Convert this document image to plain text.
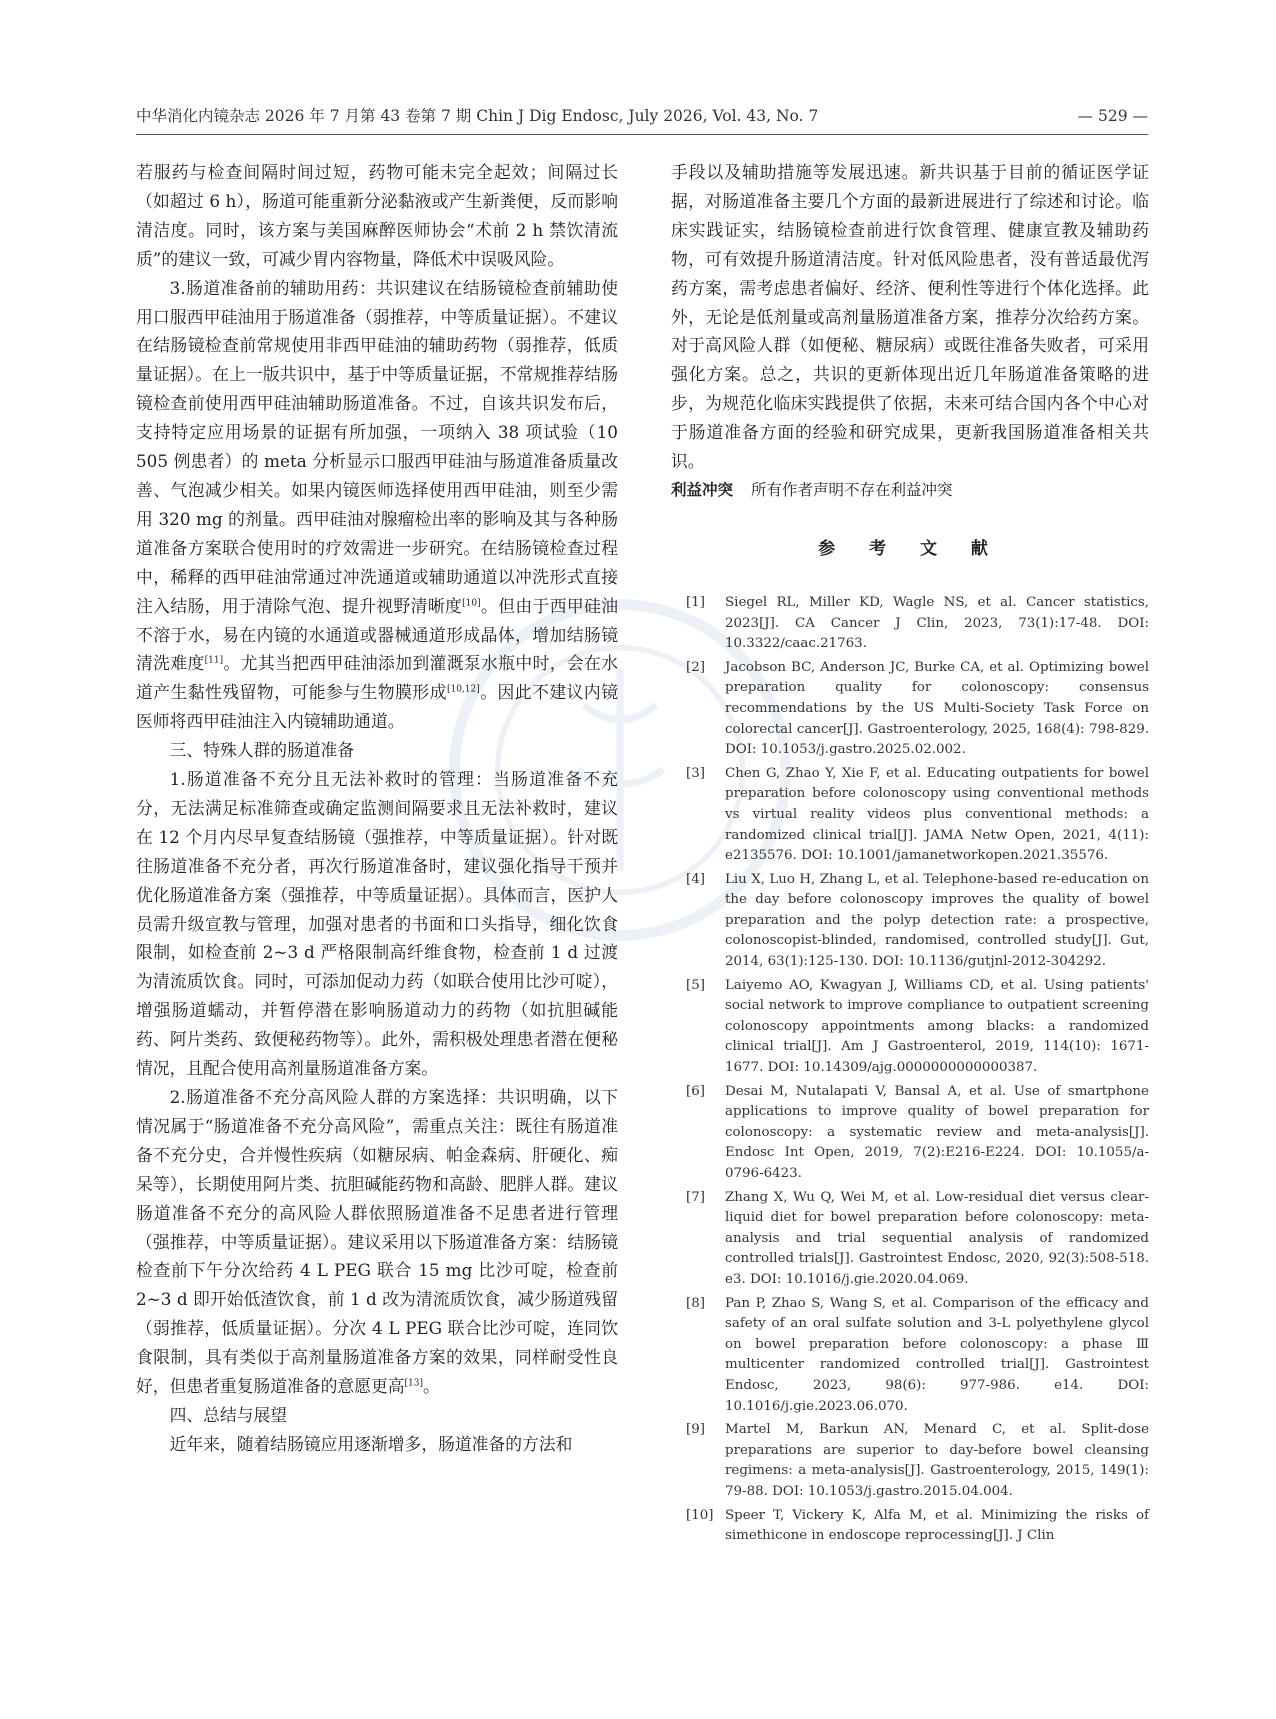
中华消化内镜杂志 2026 年 7 月第 43 卷第 7 期 Chin J Dig Endosc, July 2026, Vol. 43, No. 7	— 529 —

若服药与检查间隔时间过短，药物可能未完全起效；间隔过长（如超过 6 h），肠道可能重新分泌黏液或产生新粪便，反而影响清洁度。同时，该方案与美国麻醉医师协会“术前 2 h 禁饮清流质”的建议一致，可减少胃内容物量，降低术中误吸风险。

3.肠道准备前的辅助用药：共识建议在结肠镜检查前辅助使用口服西甲硅油用于肠道准备（弱推荐，中等质量证据）。不建议在结肠镜检查前常规使用非西甲硅油的辅助药物（弱推荐，低质量证据）。在上一版共识中，基于中等质量证据，不常规推荐结肠镜检查前使用西甲硅油辅助肠道准备。不过，自该共识发布后，支持特定应用场景的证据有所加强，一项纳入 38 项试验（10 505 例患者）的 meta 分析显示口服西甲硅油与肠道准备质量改善、气泡减少相关。如果内镜医师选择使用西甲硅油，则至少需用 320 mg 的剂量。西甲硅油对腺瘤检出率的影响及其与各种肠道准备方案联合使用时的疗效需进一步研究。在结肠镜检查过程中，稀释的西甲硅油常通过冲洗通道或辅助通道以冲洗形式直接注入结肠，用于清除气泡、提升视野清晰度[10]。但由于西甲硅油不溶于水，易在内镜的水通道或器械通道形成晶体，增加结肠镜清洗难度[11]。尤其当把西甲硅油添加到灌溉泵水瓶中时，会在水道产生黏性残留物，可能参与生物膜形成[10,12]。因此不建议内镜医师将西甲硅油注入内镜辅助通道。

三、特殊人群的肠道准备

1.肠道准备不充分且无法补救时的管理：当肠道准备不充分，无法满足标准筛查或确定监测间隔要求且无法补救时，建议在 12 个月内尽早复查结肠镜（强推荐，中等质量证据）。针对既往肠道准备不充分者，再次行肠道准备时，建议强化指导干预并优化肠道准备方案（强推荐，中等质量证据）。具体而言，医护人员需升级宣教与管理，加强对患者的书面和口头指导，细化饮食限制，如检查前 2~3 d 严格限制高纤维食物，检查前 1 d 过渡为清流质饮食。同时，可添加促动力药（如联合使用比沙可啶），增强肠道蠕动，并暂停潜在影响肠道动力的药物（如抗胆碱能药、阿片类药、致便秘药物等）。此外，需积极处理患者潜在便秘情况，且配合使用高剂量肠道准备方案。

2.肠道准备不充分高风险人群的方案选择：共识明确，以下情况属于“肠道准备不充分高风险”，需重点关注：既往有肠道准备不充分史，合并慢性疾病（如糖尿病、帕金森病、肝硬化、痴呆等），长期使用阿片类、抗胆碱能药物和高龄、肥胖人群。建议肠道准备不充分的高风险人群依照肠道准备不足患者进行管理（强推荐，中等质量证据）。建议采用以下肠道准备方案：结肠镜检查前下午分次给药 4 L PEG 联合 15 mg 比沙可啶，检查前 2~3 d 即开始低渣饮食，前 1 d 改为清流质饮食，减少肠道残留（弱推荐，低质量证据）。分次 4 L PEG 联合比沙可啶，连同饮食限制，具有类似于高剂量肠道准备方案的效果，同样耐受性良好，但患者重复肠道准备的意愿更高[13]。

四、总结与展望

近年来，随着结肠镜应用逐渐增多，肠道准备的方法和

手段以及辅助措施等发展迅速。新共识基于目前的循证医学证据，对肠道准备主要几个方面的最新进展进行了综述和讨论。临床实践证实，结肠镜检查前进行饮食管理、健康宣教及辅助药物，可有效提升肠道清洁度。针对低风险患者，没有普适最优泻药方案，需考虑患者偏好、经济、便利性等进行个体化选择。此外，无论是低剂量或高剂量肠道准备方案，推荐分次给药方案。对于高风险人群（如便秘、糖尿病）或既往准备失败者，可采用强化方案。总之，共识的更新体现出近几年肠道准备策略的进步，为规范化临床实践提供了依据，未来可结合国内各个中心对于肠道准备方面的经验和研究成果，更新我国肠道准备相关共识。

利益冲突 所有作者声明不存在利益冲突
参 考 文 献
[1] Siegel RL, Miller KD, Wagle NS, et al. Cancer statistics, 2023[J]. CA Cancer J Clin, 2023, 73(1):17-48. DOI: 10.3322/caac.21763.
[2] Jacobson BC, Anderson JC, Burke CA, et al. Optimizing bowel preparation quality for colonoscopy: consensus recommendations by the US Multi-Society Task Force on colorectal cancer[J]. Gastroenterology, 2025, 168(4): 798-829. DOI: 10.1053/j.gastro.2025.02.002.
[3] Chen G, Zhao Y, Xie F, et al. Educating outpatients for bowel preparation before colonoscopy using conventional methods vs virtual reality videos plus conventional methods: a randomized clinical trial[J]. JAMA Netw Open, 2021, 4(11): e2135576. DOI: 10.1001/jamanetworkopen.2021.35576.
[4] Liu X, Luo H, Zhang L, et al. Telephone-based re-education on the day before colonoscopy improves the quality of bowel preparation and the polyp detection rate: a prospective, colonoscopist-blinded, randomised, controlled study[J]. Gut, 2014, 63(1):125-130. DOI: 10.1136/gutjnl-2012-304292.
[5] Laiyemo AO, Kwagyan J, Williams CD, et al. Using patients' social network to improve compliance to outpatient screening colonoscopy appointments among blacks: a randomized clinical trial[J]. Am J Gastroenterol, 2019, 114(10): 1671-1677. DOI: 10.14309/ajg.0000000000000387.
[6] Desai M, Nutalapati V, Bansal A, et al. Use of smartphone applications to improve quality of bowel preparation for colonoscopy: a systematic review and meta-analysis[J]. Endosc Int Open, 2019, 7(2):E216-E224. DOI: 10.1055/a-0796-6423.
[7] Zhang X, Wu Q, Wei M, et al. Low-residual diet versus clear-liquid diet for bowel preparation before colonoscopy: meta-analysis and trial sequential analysis of randomized controlled trials[J]. Gastrointest Endosc, 2020, 92(3):508-518. e3. DOI: 10.1016/j.gie.2020.04.069.
[8] Pan P, Zhao S, Wang S, et al. Comparison of the efficacy and safety of an oral sulfate solution and 3-L polyethylene glycol on bowel preparation before colonoscopy: a phase Ⅲ multicenter randomized controlled trial[J]. Gastrointest Endosc, 2023, 98(6): 977-986. e14. DOI: 10.1016/j.gie.2023.06.070.
[9] Martel M, Barkun AN, Menard C, et al. Split-dose preparations are superior to day-before bowel cleansing regimens: a meta-analysis[J]. Gastroenterology, 2015, 149(1): 79-88. DOI: 10.1053/j.gastro.2015.04.004.
[10] Speer T, Vickery K, Alfa M, et al. Minimizing the risks of simethicone in endoscope reprocessing[J]. J Clin
